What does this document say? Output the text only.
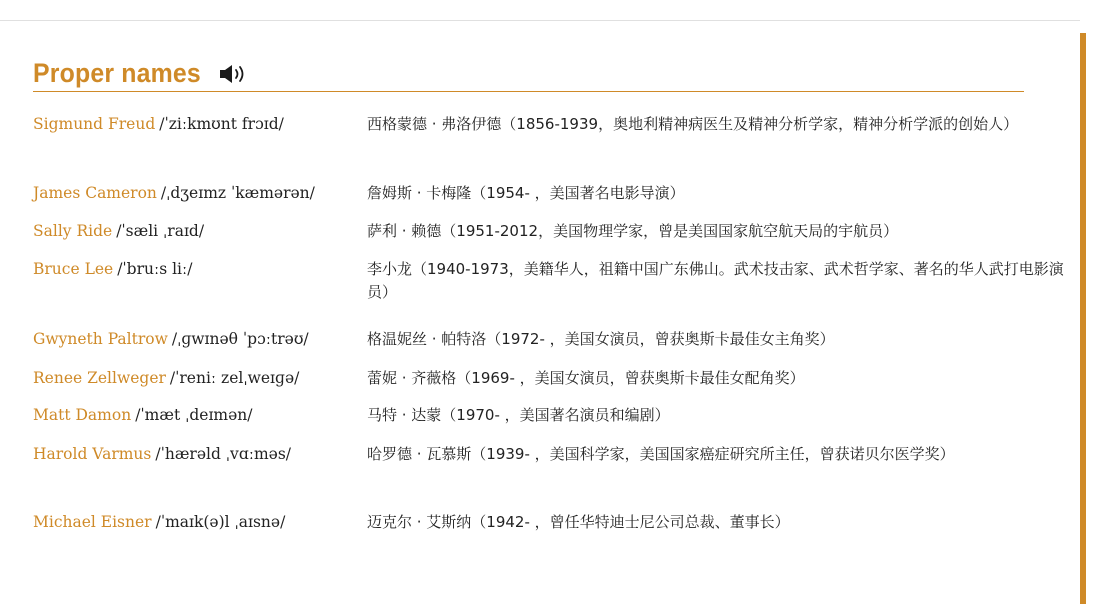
Proper names
Sigmund Freud /ˈziːkmʊnt frɔɪd/	西格蒙德 · 弗洛伊德（1856-1939，奥地利精神病医生及精神分析学家，精神分析学派的创始人）
James Cameron /ˌdʒeɪmz ˈkæmərən/	詹姆斯 · 卡梅隆（1954- ，美国著名电影导演）
Sally Ride /ˈsæli ˌraɪd/	萨利 · 赖德（1951-2012，美国物理学家，曾是美国国家航空航天局的宇航员）
Bruce Lee /ˈbruːs liː/	李小龙（1940-1973，美籍华人，祖籍中国广东佛山。武术技击家、武术哲学家、著名的华人武打电影演员）
Gwyneth Paltrow /ˌɡwɪnəθ ˈpɔːtrəʊ/	格温妮丝 · 帕特洛（1972- ，美国女演员，曾获奥斯卡最佳女主角奖）
Renee Zellweger /ˈreniː zelˌweɪɡə/	蕾妮 · 齐薇格（1969- ，美国女演员，曾获奥斯卡最佳女配角奖）
Matt Damon /ˈmæt ˌdeɪmən/	马特 · 达蒙（1970- ，美国著名演员和编剧）
Harold Varmus /ˈhærəld ˌvɑːməs/	哈罗德 · 瓦慕斯（1939- ，美国科学家，美国国家癌症研究所主任，曾获诺贝尔医学奖）
Michael Eisner /ˈmaɪk(ə)l ˌaɪsnə/	迈克尔 · 艾斯纳（1942- ，曾任华特迪士尼公司总裁、董事长）
